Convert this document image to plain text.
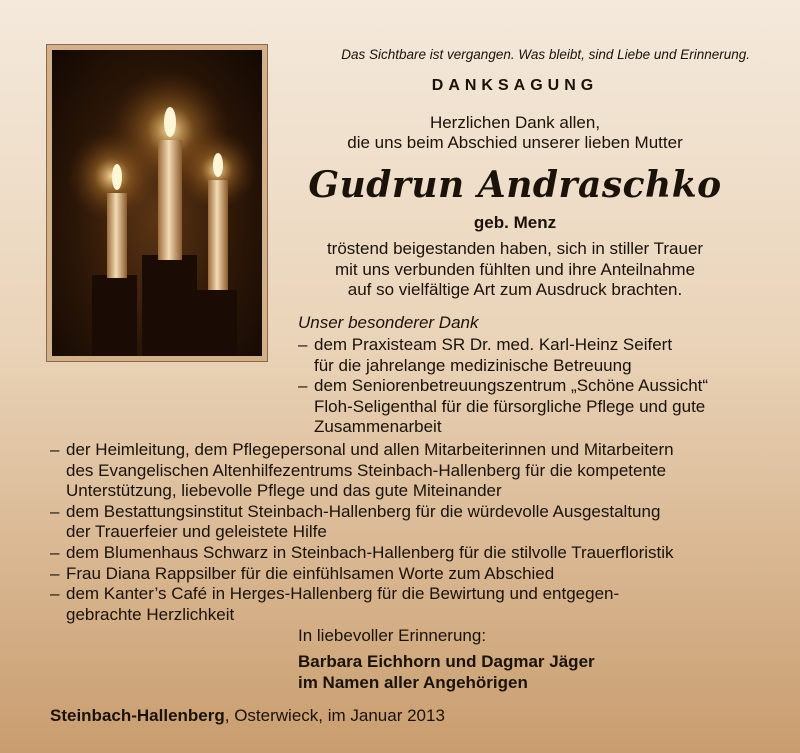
Das Sichtbare ist vergangen. Was bleibt, sind Liebe und Erinnerung.
DANKSAGUNG
Herzlichen Dank allen,
die uns beim Abschied unserer lieben Mutter
Gudrun Andraschko
geb. Menz
tröstend beigestanden haben, sich in stiller Trauer
mit uns verbunden fühlten und ihre Anteilnahme
auf so vielfältige Art zum Ausdruck brachten.
Unser besonderer Dank
– dem Praxisteam SR Dr. med. Karl-Heinz Seifert
für die jahrelange medizinische Betreuung
– dem Seniorenbetreuungszentrum „Schöne Aussicht“
Floh-Seligenthal für die fürsorgliche Pflege und gute
Zusammenarbeit
– der Heimleitung, dem Pflegepersonal und allen Mitarbeiterinnen und Mitarbeitern
des Evangelischen Altenhilfezentrums Steinbach-Hallenberg für die kompetente
Unterstützung, liebevolle Pflege und das gute Miteinander
– dem Bestattungsinstitut Steinbach-Hallenberg für die würdevolle Ausgestaltung
der Trauerfeier und geleistete Hilfe
– dem Blumenhaus Schwarz in Steinbach-Hallenberg für die stilvolle Trauerfloristik
– Frau Diana Rappsilber für die einfühlsamen Worte zum Abschied
– dem Kanter’s Café in Herges-Hallenberg für die Bewirtung und entgegen-
gebrachte Herzlichkeit
In liebevoller Erinnerung:
Barbara Eichhorn und Dagmar Jäger
im Namen aller Angehörigen
Steinbach-Hallenberg, Osterwieck, im Januar 2013
